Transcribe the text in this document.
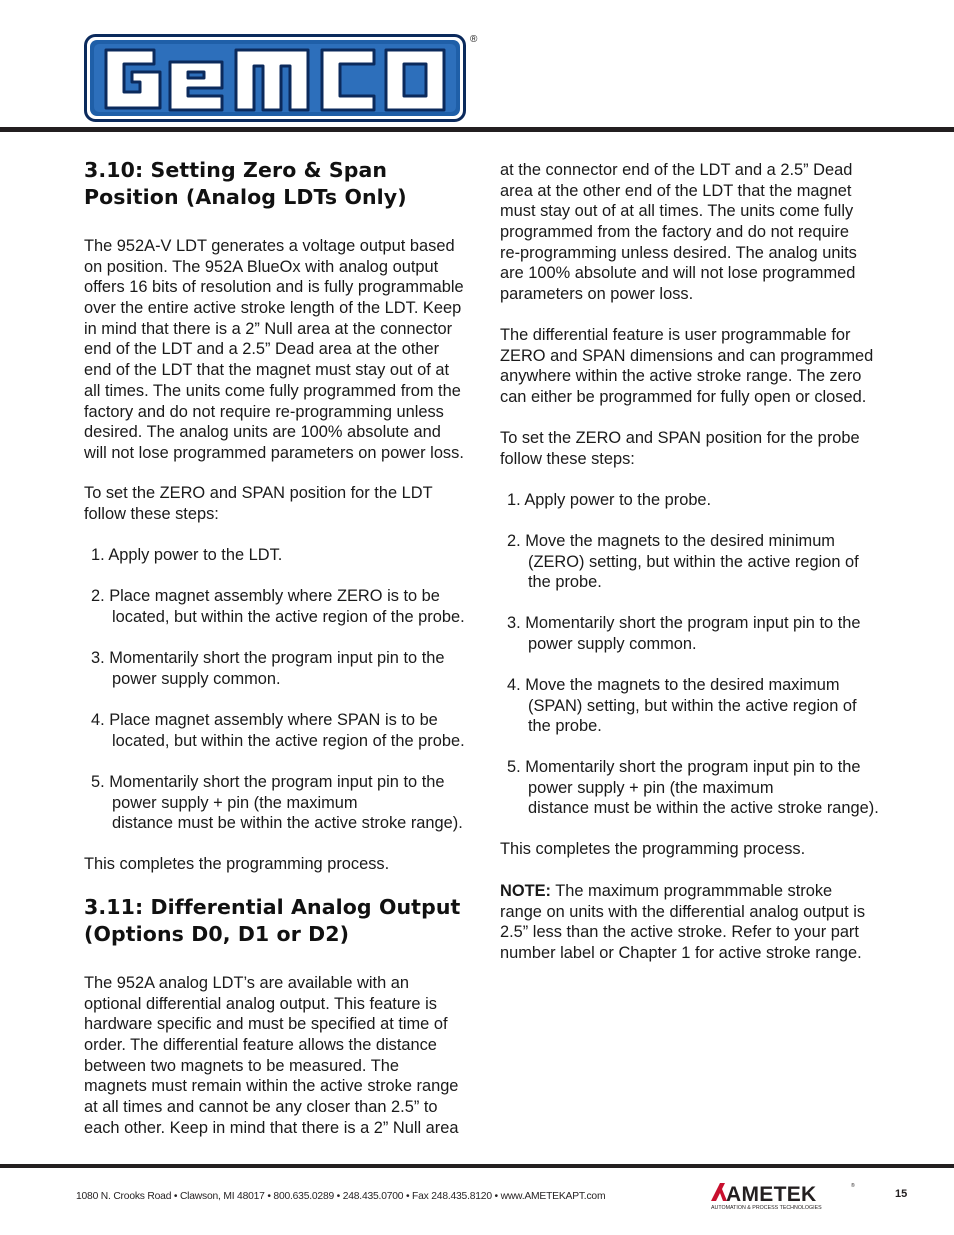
®
3.10: Setting Zero & Span
Position (Analog LDTs Only)
The 952A-V LDT generates a voltage output based
on position. The 952A BlueOx with analog output
offers 16 bits of resolution and is fully programmable
over the entire active stroke length of the LDT. Keep
in mind that there is a 2” Null area at the connector
end of the LDT and a 2.5” Dead area at the other
end of the LDT that the magnet must stay out of at
all times. The units come fully programmed from the
factory and do not require re-programming unless
desired. The analog units are 100% absolute and
will not lose programmed parameters on power loss.
To set the ZERO and SPAN position for the LDT
follow these steps:
1. Apply power to the LDT.
2. Place magnet assembly where ZERO is to be
located, but within the active region of the probe.
3. Momentarily short the program input pin to the
power supply common.
4. Place magnet assembly where SPAN is to be
located, but within the active region of the probe.
5. Momentarily short the program input pin to the
power supply + pin (the maximum
distance must be within the active stroke range).
This completes the programming process.
3.11: Differential Analog Output
(Options D0, D1 or D2)
The 952A analog LDT’s are available with an
optional differential analog output. This feature is
hardware specific and must be specified at time of
order. The differential feature allows the distance
between two magnets to be measured. The
magnets must remain within the active stroke range
at all times and cannot be any closer than 2.5” to
each other. Keep in mind that there is a 2” Null area
at the connector end of the LDT and a 2.5” Dead
area at the other end of the LDT that the magnet
must stay out of at all times. The units come fully
programmed from the factory and do not require
re-programming unless desired. The analog units
are 100% absolute and will not lose programmed
parameters on power loss.
The differential feature is user programmable for
ZERO and SPAN dimensions and can programmed
anywhere within the active stroke range. The zero
can either be programmed for fully open or closed.
To set the ZERO and SPAN position for the probe
follow these steps:
1. Apply power to the probe.
2. Move the magnets to the desired minimum
(ZERO) setting, but within the active region of
the probe.
3. Momentarily short the program input pin to the
power supply common.
4. Move the magnets to the desired maximum
(SPAN) setting, but within the active region of
the probe.
5. Momentarily short the program input pin to the
power supply + pin (the maximum
distance must be within the active stroke range).
This completes the programming process.
NOTE: The maximum programmmable stroke
range on units with the differential analog output is
2.5” less than the active stroke. Refer to your part
number label or Chapter 1 for active stroke range.
1080 N. Crooks Road • Clawson, MI 48017 • 800.635.0289 • 248.435.0700 • Fax 248.435.8120 • www.AMETEKAPT.com	AMETEK	®
AUTOMATION & PROCESS TECHNOLOGIES
15
